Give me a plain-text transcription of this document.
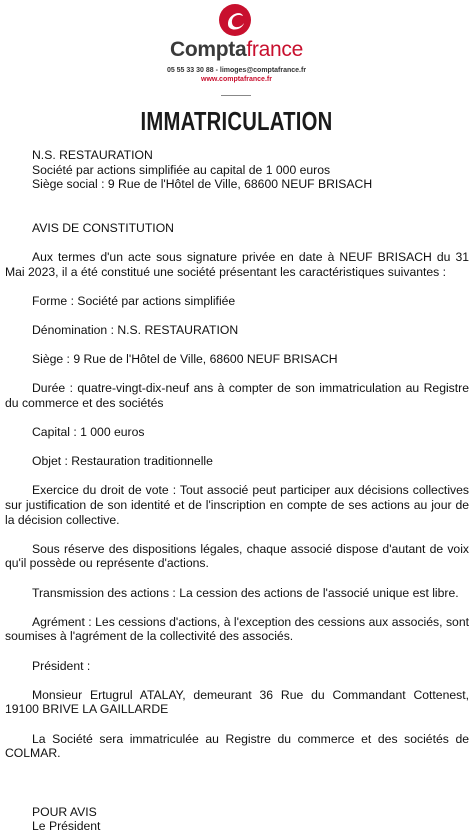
Comptafrance
05 55 33 30 88 - limoges@comptafrance.fr
www.comptafrance.fr
IMMATRICULATION
N.S. RESTAURATION
Société par actions simplifiée au capital de 1 000 euros
Siège social : 9 Rue de l'Hôtel de Ville, 68600 NEUF BRISACH

AVIS DE CONSTITUTION

Aux termes d'un acte sous signature privée en date à NEUF BRISACH du 31 Mai 2023, il a été constitué une société présentant les caractéristiques suivantes :

Forme : Société par actions simplifiée

Dénomination : N.S. RESTAURATION

Siège : 9 Rue de l'Hôtel de Ville, 68600 NEUF BRISACH

Durée : quatre-vingt-dix-neuf ans à compter de son immatriculation au Registre du commerce et des sociétés

Capital : 1 000 euros

Objet : Restauration traditionnelle

Exercice du droit de vote : Tout associé peut participer aux décisions collectives sur justification de son identité et de l'inscription en compte de ses actions au jour de la décision collective.

Sous réserve des dispositions légales, chaque associé dispose d'autant de voix qu'il possède ou représente d'actions.

Transmission des actions : La cession des actions de l'associé unique est libre.

Agrément : Les cessions d'actions, à l'exception des cessions aux associés, sont soumises à l'agrément de la collectivité des associés.

Président :

Monsieur Ertugrul ATALAY, demeurant 36 Rue du Commandant Cottenest, 19100 BRIVE LA GAILLARDE

La Société sera immatriculée au Registre du commerce et des sociétés de COLMAR.

POUR AVIS
Le Président
